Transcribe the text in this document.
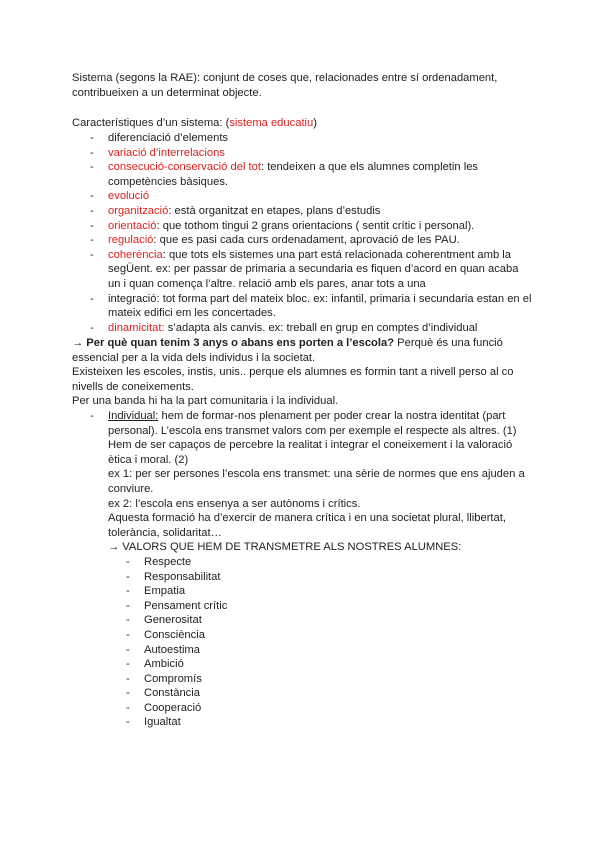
Sistema (segons la RAE): conjunt de coses que, relacionades entre sí ordenadament, contribueixen a un determinat objecte.
Característiques d’un sistema: (sistema educatiu)
- diferenciació d’elements
- variació d’interrelacions
- consecució-conservació del tot: tendeixen a que els alumnes completin les competències bàsiques.
- evolució
- organització: està organitzat en etapes, plans d’estudis
- orientació: que tothom tingui 2 grans orientacions ( sentit crític i personal).
- regulació: que es pasi cada curs ordenadament, aprovació de les PAU.
- coherència: que tots els sistemes una part está relacionada coherentment amb la segÜent. ex: per passar de primaria a secundaria es fiquen d’acord en quan acaba un i quan comença l’altre. relació amb els pares, anar tots a una
- integració: tot forma part del mateix bloc. ex: infantil, primaria i secundaria estan en el mateix edifici em les concertades.
- dinamicitat: s’adapta als canvis. ex: treball en grup en comptes d’individual
→ Per què quan tenim 3 anys o abans ens porten a l’escola? Perquè és una funció essencial per a la vida dels individus i la societat.
Existeixen les escoles, instis, unis.. perque els alumnes es formin tant a nivell perso al co nivells de coneixements.
Per una banda hi ha la part comunitaria i la individual.
- Individual: hem de formar-nos plenament per poder crear la nostra identitat (part personal). L’escola ens transmet valors com per exemple el respecte als altres. (1) Hem de ser capaços de percebre la realitat i integrar el coneixement i la valoració ètica i moral. (2)
ex 1: per ser persones l’escola ens transmet: una sèrie de normes que ens ajuden a conviure.
ex 2: l’escola ens ensenya a ser autònoms i crítics.
Aquesta formació ha d’exercir de manera crítica i en una societat plural, llibertat, tolerància, solidaritat…
→ VALORS QUE HEM DE TRANSMETRE ALS NOSTRES ALUMNES:
- Respecte
- Responsabilitat
- Empatia
- Pensament crític
- Generositat
- Consciència
- Autoestima
- Ambició
- Compromís
- Constància
- Cooperació
- Igualtat
